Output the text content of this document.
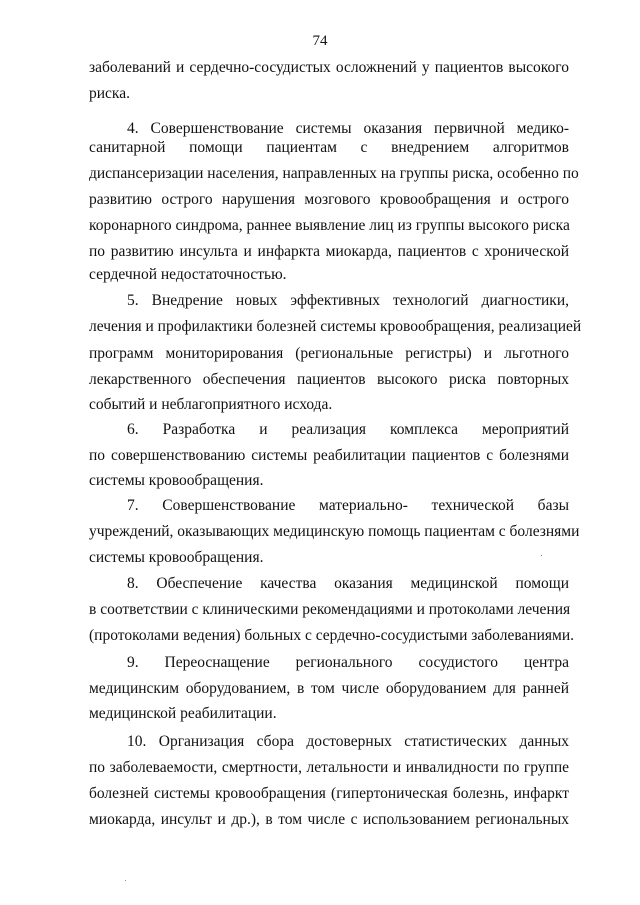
74
заболеваний и сердечно-сосудистых осложнений у пациентов высокого
риска.
4. Совершенствование системы оказания первичной медико-
санитарной помощи пациентам с внедрением алгоритмов
диспансеризации населения, направленных на группы риска, особенно по
развитию острого нарушения мозгового кровообращения и острого
коронарного синдрома, раннее выявление лиц из группы высокого риска
по развитию инсульта и инфаркта миокарда, пациентов с хронической
сердечной недостаточностью.
5. Внедрение новых эффективных технологий диагностики,
лечения и профилактики болезней системы кровообращения, реализацией
программ мониторирования (региональные регистры) и льготного
лекарственного обеспечения пациентов высокого риска повторных
событий и неблагоприятного исхода.
6. Разработка и реализация комплекса мероприятий
по совершенствованию системы реабилитации пациентов с болезнями
системы кровообращения.
7. Совершенствование материально- технической базы
учреждений, оказывающих медицинскую помощь пациентам с болезнями
системы кровообращения.
8. Обеспечение качества оказания медицинской помощи
в соответствии с клиническими рекомендациями и протоколами лечения
(протоколами ведения) больных с сердечно-сосудистыми заболеваниями.
9. Переоснащение регионального сосудистого центра
медицинским оборудованием, в том числе оборудованием для ранней
медицинской реабилитации.
10. Организация сбора достоверных статистических данных
по заболеваемости, смертности, летальности и инвалидности по группе
болезней системы кровообращения (гипертоническая болезнь, инфаркт
миокарда, инсульт и др.), в том числе с использованием региональных
